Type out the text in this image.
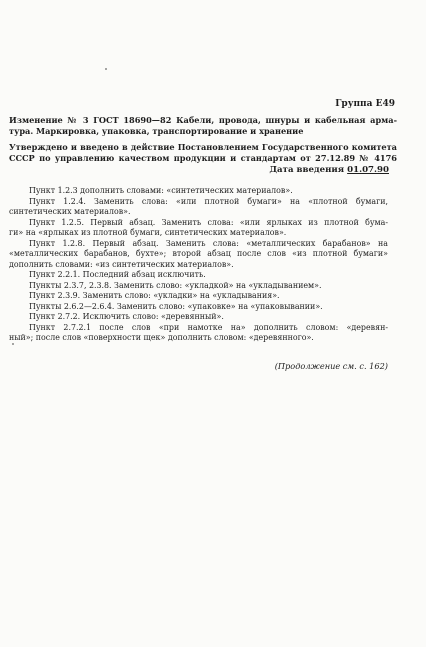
Группа Е49
Изменение № 3 ГОСТ 18690—82 Кабели, провода, шнуры и кабельная арма-
тура. Маркировка, упаковка, транспортирование и хранение
Утверждено и введено в действие Постановлением Государственного комитета
СССР по управлению качеством продукции и стандартам от 27.12.89 № 4176
Дата введения 01.07.90
Пункт 1.2.3 дополнить словами: «синтетических материалов».
Пункт 1.2.4. Заменить слова: «или плотной бумаги» на «плотной бумаги,
синтетических материалов».
Пункт 1.2.5. Первый абзац. Заменить слова: «или ярлыках из плотной бума-
ги» на «ярлыках из плотной бумаги, синтетических материалов».
Пункт 1.2.8. Первый абзац. Заменить слова: «металлических барабанов» на
«металлических барабанов, бухте»; второй абзац после слов «из плотной бумаги»
дополнить словами: «из синтетических материалов».
Пункт 2.2.1. Последний абзац исключить.
Пункты 2.3.7, 2.3.8. Заменить слово: «укладкой» на «укладыванием».
Пункт 2.3.9. Заменить слово: «укладки» на «укладывания».
Пункты 2.6.2—2.6.4. Заменить слово: «упаковке» на «упаковывании».
Пункт 2.7.2. Исключить слово: «деревянный».
Пункт 2.7.2.1 после слов «при намотке на» дополнить словом: «деревян-
ный»; после слов «поверхности щек» дополнить словом: «деревянного».
(Продолжение см. с. 162)
